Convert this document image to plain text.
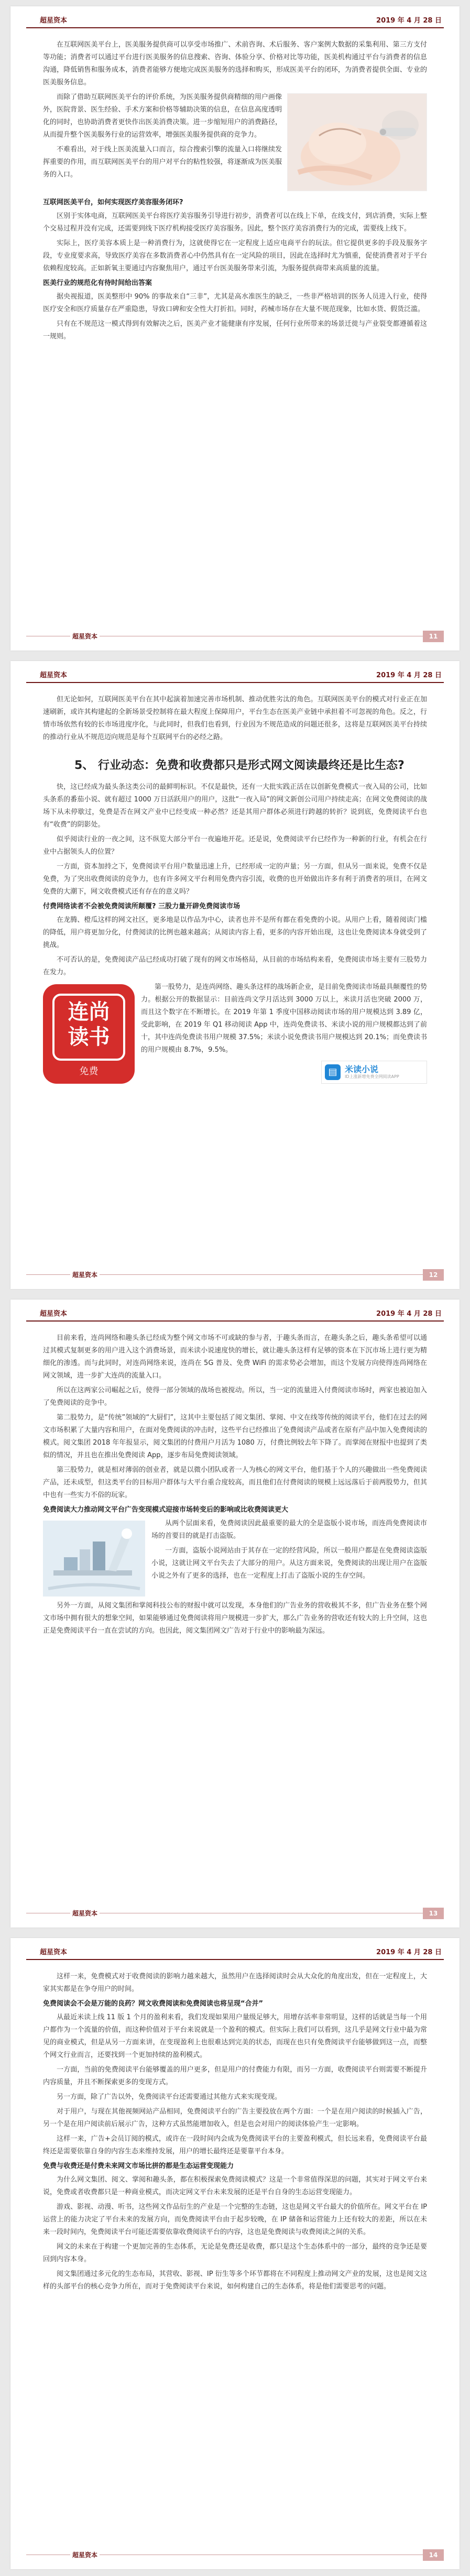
超星资本	2019 年 4 月 28 日

在互联网医美平台上，医美服务提供商可以享受市场推广、术前咨询、术后服务、客户案例大数据的采集利用、第三方支付等功能；消费者可以通过平台进行医美服务的信息搜索、咨询、体验分享、价格对比等功能，医美机构通过平台与消费者的信息沟通，降低销售和服务成本，消费者能够方便地完成医美服务的选择和购买，形成医美平台的闭环，为消费者提供全面、专业的医美服务信息。

而除了借助互联网医美平台的评价系统，为医美服务提供商精细的用户画像外，医院背景、医生经验、手术方案和价格等辅助决策的信息，在信息高度透明化的同时，也协助消费者更快作出医美消费决策。进一步缩短用户的消费路径，从而提升整个医美服务行业的运营效率，增强医美服务提供商的竞争力。

不难看出，对于线上医美流量入口而言，综合搜索引擎的流量入口将继续发挥重要的作用，而互联网医美平台的用户对平台的粘性较强，将逐渐成为医美服务的入口。

互联网医美平台，如何实现医疗美容服务闭环?

区别于实体电商，互联网医美平台将医疗美容服务引导进行初步，消费者可以在线上下单，在线支付，到店消费，实际上整个交易过程并没有完成，还需要到线下医疗机构接受医疗美容服务。因此，整个医疗美容消费行为的完成，需要线上线下。

实际上，医疗美容本质上是一种消费行为，这就使得它在一定程度上适应电商平台的玩法。但它提供更多的手段及服务字段，专业度要求高，导致医疗美容在多数消费者心中仍然具有在一定风险的项目，因此在选择时尤为慎重，促使消费者对于平台依赖程度较高。正如新氧主要通过内容聚焦用户，通过平台医美服务带来引流，为服务提供商带来高质量的流量。

医美行业的规范化有待时间给出答案

据央视报道，医美整形中 90% 的事故来自“三非”，尤其是高水准医生的缺乏，一些非严格培训的医务人员进入行业，使得医疗安全和医疗质量存在严重隐患，导致口碑和安全性大打折扣。同时，药械市场存在大量不规范现象，比如水货、假货泛滥。

只有在不规范这一模式得到有效解决之后，医美产业才能健康有序发展，任何行业所带来的场景迁徙与产业裂变都遵循着这一规则。

超星资本	11
超星资本	2019 年 4 月 28 日

但无论如何，互联网医美平台在其中起演着加速完善市场机制、推动优胜劣汰的角色。互联网医美平台的模式对行业正在加速刷新，或许其构建起的全新场景受控制将在最大程度上保障用户，平台生态在医美产业链中承担着不可忽视的角色。反之，行情市场依然有较的长市场进度序化，与此同时，但我们也看到，行业因为不规范造成的问题还很多，这将是互联网医美平台持续的推动行业从不规范迈向规范是每个互联网平台的必经之路。

5、 行业动态：免费和收费都只是形式网文阅读最终还是比生态?

快，这已经成为最头条这类公司的最鲜明标识。不仅是最快，还有一大批实践正活在以创新免费模式一夜入局的公司，比如头条系的番茄小说、就有超过 1000 万日活跃用户的用户，这批“一夜入局”的网文新创公司用户持续走高；在网文免费阅读的战场下从未停歇过，免费是否在网文产业中已经变成一种必然？还是其用户群体必须进行跨越的转折？说到底，免费阅读平台也有“收费”的阴影处。

似乎阅读行业的一夜之间，这不纵览大部分平台一夜遍地开花。还是说，免费阅读平台已经作为一种新的行业，有机会在行业中占据领头人的位置？

一方面，资本加持之下，免费阅读平台用户数量迅速上升，已经形成一定的声量；另一方面，但从另一面来说，免费不仅是免费，为了突出收费阅读的竞争力，也有许多网文平台利用免费内容引流，收费的也开始做出许多有利于消费者的项目，在网文免费的大潮下，网文收费模式还有存在的意义吗？

付费网络读者不会被免费阅读所颠覆? 三股力量开辟免费阅读市场

在龙腾、橙瓜这样的网文社区，更多地是以作品为中心，读者也并不是所有都在看免费的小说。从用户上看，随着阅读门槛的降低，用户将更加分化，付费阅读的比例也越来越高；从阅读内容上看，更多的内容开始出现，这也让免费阅读本身就受到了挑战。

不可否认的是，免费阅读产品已经成功打破了现有的网文市场格局，从目前的市场结构来看，免费阅读市场主要有三股势力在发力。

连尚
读书
免费

第一股势力，是连尚网络、趣头条这样的战场新企业，是目前免费阅读市场最具颠覆性的势力。根据公开的数据显示：目前连尚文学月活达到 3000 万以上，米读月活也突破 2000 万，而且这个数字在不断增长。在 2019 年第 1 季度中国移动阅读市场的用户规模达到 3.89 亿，受此影响，在 2019 年 Q1 移动阅读 App 中，连尚免费读书、米读小说的用户规模都达到了前十，其中连尚免费读书用户规模 37.5%；米读小说免费读书用户规模达到 20.1%；而免费读书的用户规模由 8.7%，9.5%。

▤ 米读小说
ID上涨新增免费全网阅读APP
超星资本	12
超星资本	2019 年 4 月 28 日

目前来看，连尚网络和趣头条已经成为整个网文市场不可或缺的参与者，于趣头条而言，在趣头条之后，趣头条希望可以通过其模式复制更多的用户进入这个消费场景，而米读小说速度快的增长，就让趣头条这样有足够的资本在下沉市场上进行更为精细化的渗透。而与此同时，对连尚网络来说，连尚在 5G 普及、免费 WiFi 的需求势必会增加，而这个发展方向使得连尚网络在网文领域，进一步扩大连尚的流量入口。

所以在这两家公司崛起之后，使得一部分领域的战场也被搅动。所以，当一定的流量进入付费阅读市场时，两家也被迫加入了免费阅读的竞争中。

第二股势力，是“传统”领域的“大厨们”，这其中主要包括了阅文集团、掌阅、中文在线等传统的阅读平台，他们在过去的网文市场积累了大量内容和用户，在面对免费阅读的冲击时，这些平台已经推出了免费阅读产品或者在原有产品中加入免费阅读的模式。阅文集团 2018 年年报显示，阅文集团的付费用户月活为 1080 万，付费比例较去年下降了。而掌阅在财报中也提到了类似的情况，并且也在推出免费阅读 App，逐步布局免费阅读领域。

第三股势力，就是相对薄弱的创业者，就是以微小团队或者一人为核心的网文平台，他们基于个人的兴趣做出一些免费阅读产品，还未成型，但这类平台的目标用户群体与大平台重合度较高，而且他们在付费阅读的规模上远远落后于前两股势力，但其中也有一些实力不俗的玩家。

免费阅读大力推动网文平台广告变现模式迎接市场转变后的影响或比收费阅读更大

从两个层面来看，免费阅读因此最重要的最大的全是盗版小说市场，而连尚免费阅读市场的首要目的就是打击盗版。

一方面，盗版小说网站由于其存在一定的经营风险，所以一般用户都是在免费阅读盗版小说，这就让网文平台失去了大部分的用户。从这方面来说，免费阅读的出现让用户在盗版小说之外有了更多的选择，也在一定程度上打击了盗版小说的生存空间。

另外一方面，从阅文集团和掌阅科技公布的财报中就可以发现，本身他们的广告业务的营收极其不多，但广告业务在整个网文市场中拥有很大的想象空间，如果能够通过免费阅读将用户规模进一步扩大，那么广告业务的营收还有较大的上升空间，这也正是免费阅读平台一直在尝试的方向。也因此，阅文集团网文广告对于行业中的影响最为深远。

超星资本	13
超星资本	2019 年 4 月 28 日

这样一来，免费模式对于收费阅读的影响力越来越大，虽然用户在选择阅读时会从大众化的角度出发，但在一定程度上，大家其实都是在争夺用户的时间。

免费阅读会不会是万能的良药？网文收费阅读和免费阅读也将呈现“合并”

从最近米读上线 11 版 1 个月的盈利来看，我们发现如果用户量级足够大，用增存活率非常明显，这样的话就是当每一个用户都作为一个流量的价值，而这种价值对于平台来说就是一个盈利的模式。但实际上我们可以看到，这几乎是网文行业中最为常见的商业模式，但是从另一方面来讲，在变现盈利上也很难达到完美的状态，而现在也只有免费阅读平台能够做到这一点，而整个网文行业而言，还要找到一个更加持续的盈利模式。

一方面，当前的免费阅读平台能够覆盖的用户更多，但是用户的付费能力有限，而另一方面，收费阅读平台则需要不断提升内容质量，并且不断探索更多的变现方式。

另一方面，除了广告以外，免费阅读平台还需要通过其他方式来实现变现。

对于用户，与现在其他视频网站产品相同，免费阅读平台的广告主要投放在两个方面：一个是在用户阅读的时候插入广告，另一个是在用户阅读前后展示广告，这种方式虽然能增加收入，但是也会对用户的阅读体验产生一定影响。

这样一来，广告+会员订阅的模式，或许在一段时间内会成为免费阅读平台的主要盈利模式，但长远来看，免费阅读平台最终还是需要依靠自身的内容生态来维持发展，用户的增长最终还是要靠平台本身。

免费与收费还是付费未来网文市场比拼的都是生态运营变现能力

为什么网文集团、阅文、掌阅和趣头条，都在积极探索免费阅读模式？这是一个非常值得深思的问题，其实对于网文平台来说，免费或者收费都只是一种商业模式，而决定网文平台未来发展的还是平台自身的生态运营变现能力。

游戏、影视、动漫、听书，这些网文作品衍生的产业是一个完整的生态链，这也是网文平台最大的价值所在。网文平台在 IP 运营上的能力决定了平台未来的发展方向，而免费阅读平台由于起步较晚，在 IP 储备和运营能力上还有较大的差距，所以在未来一段时间内，免费阅读平台可能还需要依靠收费阅读平台的内容，这也是免费阅读与收费阅读之间的关系。

网文的未来在于构建一个更加完善的生态体系，无论是免费还是收费，都只是这个生态体系中的一部分，最终的竞争还是要回到内容本身。

阅文集团通过多元化的生态布局，其营收、影视、IP 衍生等多个环节都将在不同程度上推动网文产业的发展，这也是阅文这样的头部平台的核心竞争力所在，而对于免费阅读平台来说，如何构建自己的生态体系，将是他们需要思考的问题。

超星资本	14
